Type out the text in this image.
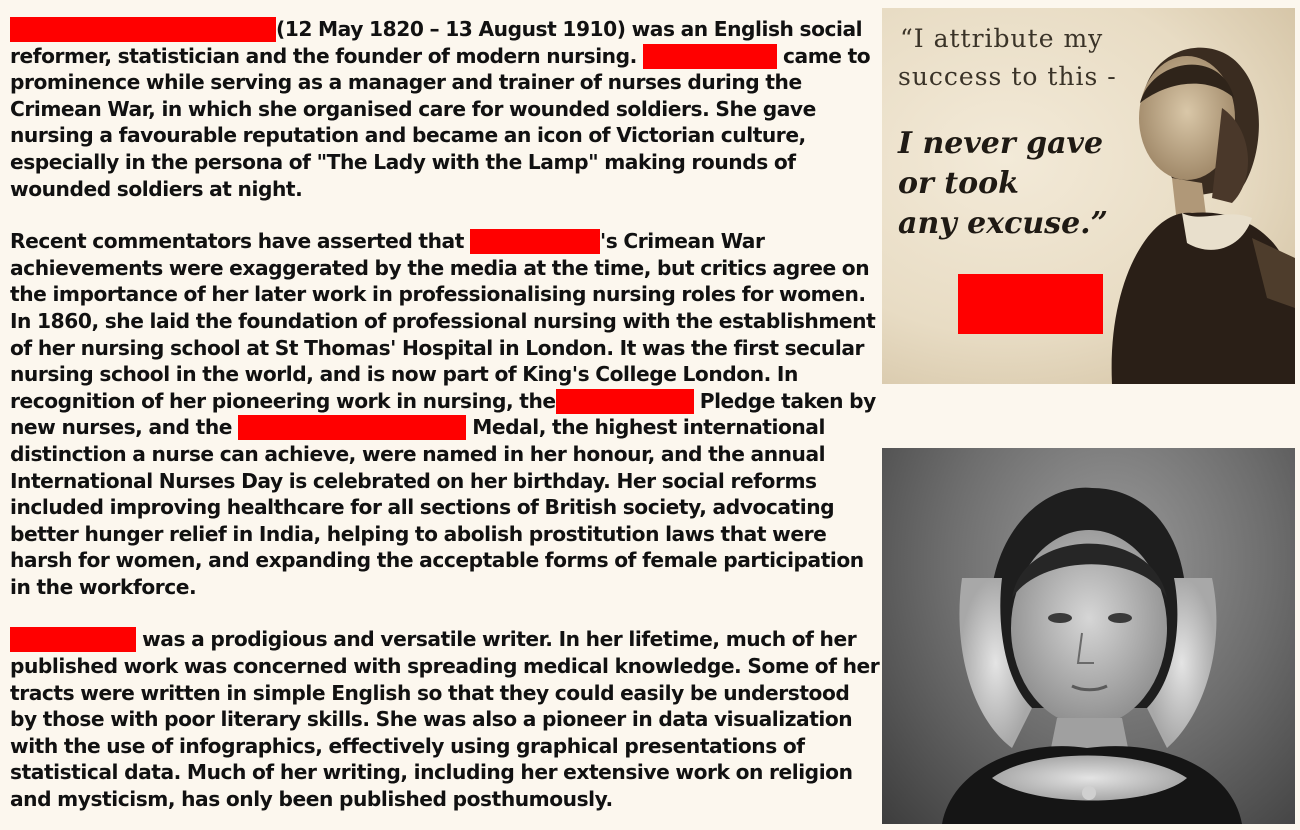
(12 May 1820 – 13 August 1910) was an English social reformer, statistician and the founder of modern nursing.	came to prominence while serving as a manager and trainer of nurses during the Crimean War, in which she organised care for wounded soldiers. She gave nursing a favourable reputation and became an icon of Victorian culture, especially in the persona of "The Lady with the Lamp" making rounds of wounded soldiers at night.

Recent commentators have asserted that	's Crimean War achievements were exaggerated by the media at the time, but critics agree on the importance of her later work in professionalising nursing roles for women. In 1860, she laid the foundation of professional nursing with the establishment of her nursing school at St Thomas' Hospital in London. It was the first secular nursing school in the world, and is now part of King's College London. In recognition of her pioneering work in nursing, the	Pledge taken by new nurses, and the	Medal, the highest international distinction a nurse can achieve, were named in her honour, and the annual International Nurses Day is celebrated on her birthday. Her social reforms included improving healthcare for all sections of British society, advocating better hunger relief in India, helping to abolish prostitution laws that were harsh for women, and expanding the acceptable forms of female participation in the workforce.

was a prodigious and versatile writer. In her lifetime, much of her published work was concerned with spreading medical knowledge. Some of her tracts were written in simple English so that they could easily be understood by those with poor literary skills. She was also a pioneer in data visualization with the use of infographics, effectively using graphical presentations of statistical data. Much of her writing, including her extensive work on religion and mysticism, has only been published posthumously.

“I attribute my
success to this -
I never gave
or took
any excuse.”
